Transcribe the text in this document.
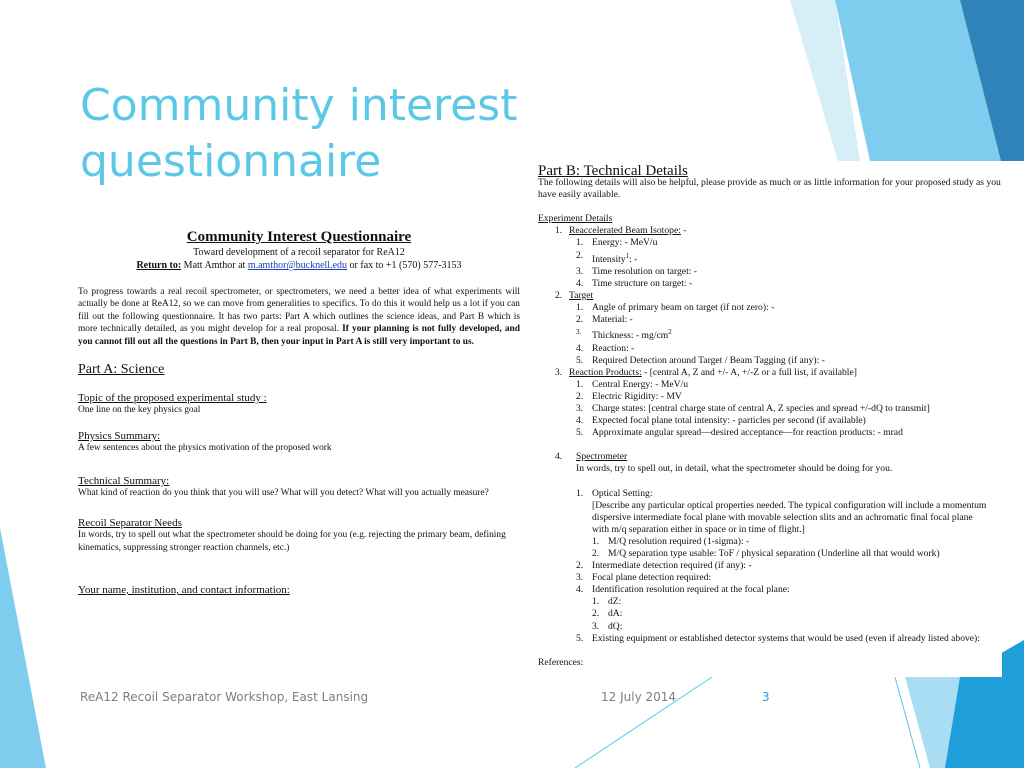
Community interest questionnaire
Community Interest Questionnaire
Toward development of a recoil separator for ReA12
Return to: Matt Amthor at m.amthor@bucknell.edu or fax to +1 (570) 577-3153
To progress towards a real recoil spectrometer, or spectrometers, we need a better idea of what experiments will actually be done at ReA12, so we can move from generalities to specifics. To do this it would help us a lot if you can fill out the following questionnaire. It has two parts: Part A which outlines the science ideas, and Part B which is more technically detailed, as you might develop for a real proposal. If your planning is not fully developed, and you cannot fill out all the questions in Part B, then your input in Part A is still very important to us.
Part A: Science
Topic of the proposed experimental study :
One line on the key physics goal
Physics Summary:
A few sentences about the physics motivation of the proposed work
Technical Summary:
What kind of reaction do you think that you will use? What will you detect? What will you actually measure?
Recoil Separator Needs
In words, try to spell out what the spectrometer should be doing for you (e.g. rejecting the primary beam, defining kinematics, suppressing stronger reaction channels, etc.)
Your name, institution, and contact information:
Part B: Technical Details
The following details will also be helpful, please provide as much or as little information for your proposed study as you have easily available.
Experiment Details
1. Reaccelerated Beam Isotope: -
1. Energy: - MeV/u
2. Intensity$^1$: -
3. Time resolution on target: -
4. Time structure on target: -
2. Target
1. Angle of primary beam on target (if not zero): -
2. Material: -
3. Thickness: - $mg/cm^2$
4. Reaction: -
5. Required Detection around Target / Beam Tagging (if any): -
3. Reaction Products: - [central A, Z and +/- A, +/-Z or a full list, if available]
1. Central Energy: - MeV/u
2. Electric Rigidity: - MV
3. Charge states: [central charge state of central A, Z species and spread +/-dQ to transmit]
4. Expected focal plane total intensity: - particles per second (if available)
5. Approximate angular spread—desired acceptance—for reaction products: - mrad
4. Spectrometer
In words, try to spell out, in detail, what the spectrometer should be doing for you.
1. Optical Setting:
[Describe any particular optical properties needed. The typical configuration will include a momentum dispersive intermediate focal plane with movable selection slits and an achromatic final focal plane with m/q separation either in space or in time of flight.]
1. M/Q resolution required (1-sigma): -
2. M/Q separation type usable: ToF / physical separation (Underline all that would work)
2. Intermediate detection required (if any): -
3. Focal plane detection required:
4. Identification resolution required at the focal plane:
1. dZ:
2. dA:
3. dQ:
5. Existing equipment or established detector systems that would be used (even if already listed above):
References:
ReA12 Recoil Separator Workshop, East Lansing	12 July 2014	3
